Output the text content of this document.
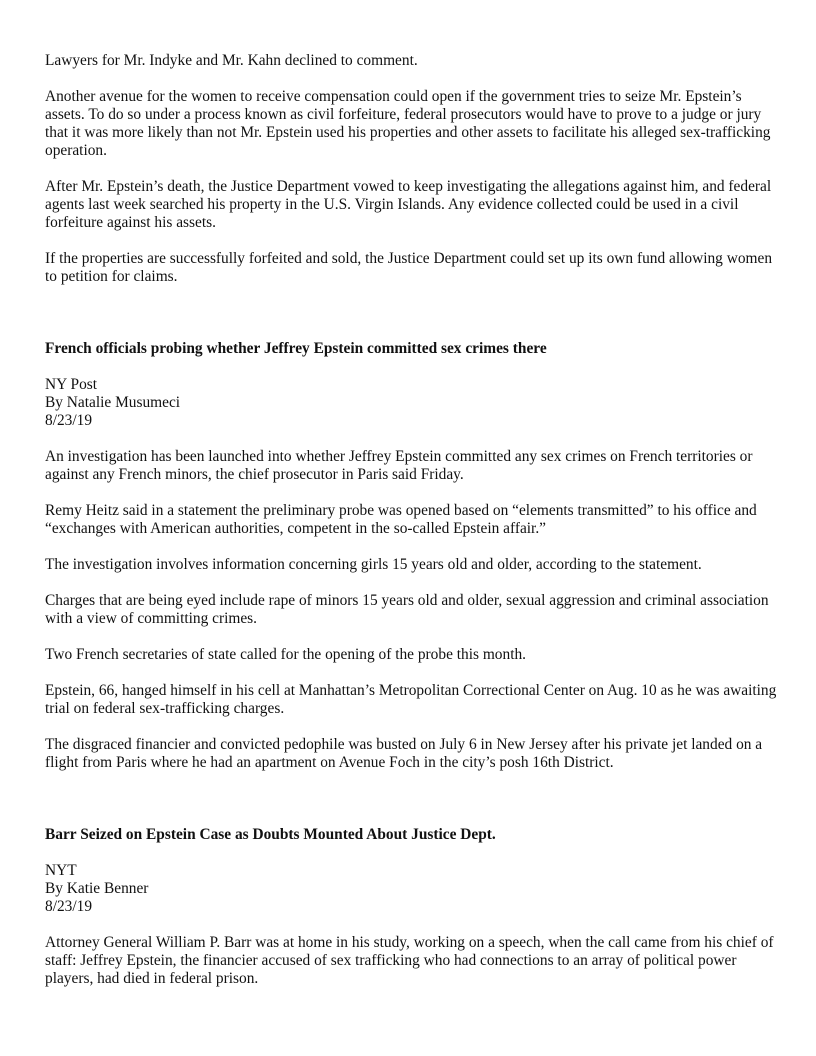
Lawyers for Mr. Indyke and Mr. Kahn declined to comment.

Another avenue for the women to receive compensation could open if the government tries to seize Mr. Epstein’s assets. To do so under a process known as civil forfeiture, federal prosecutors would have to prove to a judge or jury that it was more likely than not Mr. Epstein used his properties and other assets to facilitate his alleged sex-trafficking operation.

After Mr. Epstein’s death, the Justice Department vowed to keep investigating the allegations against him, and federal agents last week searched his property in the U.S. Virgin Islands. Any evidence collected could be used in a civil forfeiture against his assets.

If the properties are successfully forfeited and sold, the Justice Department could set up its own fund allowing women to petition for claims.

French officials probing whether Jeffrey Epstein committed sex crimes there

NY Post
By Natalie Musumeci
8/23/19

An investigation has been launched into whether Jeffrey Epstein committed any sex crimes on French territories or against any French minors, the chief prosecutor in Paris said Friday.

Remy Heitz said in a statement the preliminary probe was opened based on “elements transmitted” to his office and “exchanges with American authorities, competent in the so-called Epstein affair.”

The investigation involves information concerning girls 15 years old and older, according to the statement.

Charges that are being eyed include rape of minors 15 years old and older, sexual aggression and criminal association with a view of committing crimes.

Two French secretaries of state called for the opening of the probe this month.

Epstein, 66, hanged himself in his cell at Manhattan’s Metropolitan Correctional Center on Aug. 10 as he was awaiting trial on federal sex-trafficking charges.

The disgraced financier and convicted pedophile was busted on July 6 in New Jersey after his private jet landed on a flight from Paris where he had an apartment on Avenue Foch in the city’s posh 16th District.

Barr Seized on Epstein Case as Doubts Mounted About Justice Dept.

NYT
By Katie Benner
8/23/19

Attorney General William P. Barr was at home in his study, working on a speech, when the call came from his chief of staff: Jeffrey Epstein, the financier accused of sex trafficking who had connections to an array of political power players, had died in federal prison.
